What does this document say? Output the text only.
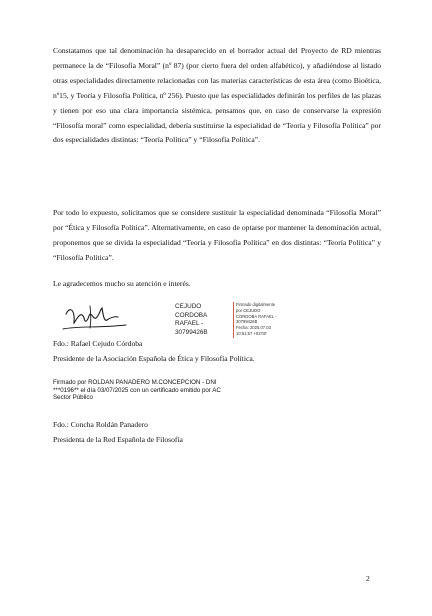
Constatamos que tal denominación ha desaparecido en el borrador actual del Proyecto de RD mientras permanece la de “Filosofía Moral” (nº 87) (por cierto fuera del orden alfabético), y añadiéndose al listado otras especialidades directamente relacionadas con las materias características de esta área (como Bioética, nº15, y Teoría y Filosofía Política, nº 256). Puesto que las especialidades definirán los perfiles de las plazas y tienen por eso una clara importancia sistémica, pensamos que, en caso de conservarse la expresión “Filosofía moral” como especialidad, debería sustituirse la especialidad de “Teoría y Filosofía Política” por dos especialidades distintas: “Teoría Política” y “Filosofía Política”.

Por todo lo expuesto, solicitamos que se considere sustituir la especialidad denominada “Filosofía Moral” por “Ética y Filosofía Política”. Alternativamente, en caso de optarse por mantener la denominación actual, proponemos que se divida la especialidad “Teoría y Filosofía Política” en dos distintas: “Teoría Política” y “Filosofía Política”.

Le agradecemos mucho su atención e interés.

CEJUDO
CORDOBA
RAFAEL -
30799426B
Firmado digitalmente
por CEJUDO
CORDOBA RAFAEL -
30799426B
Fecha: 2025.07.03
10:51:57 +02'00'
Fdo.: Rafael Cejudo Córdoba
Presidente de la Asociación Española de Ética y Filosofía Política.
Firmado por ROLDAN PANADERO M.CONCEPCION - DNI
***0196** el día 03/07/2025 con un certificado emitido por AC
Sector Público
Fdo.: Concha Roldán Panadero
Presidenta de la Red Española de Filosofía
2
